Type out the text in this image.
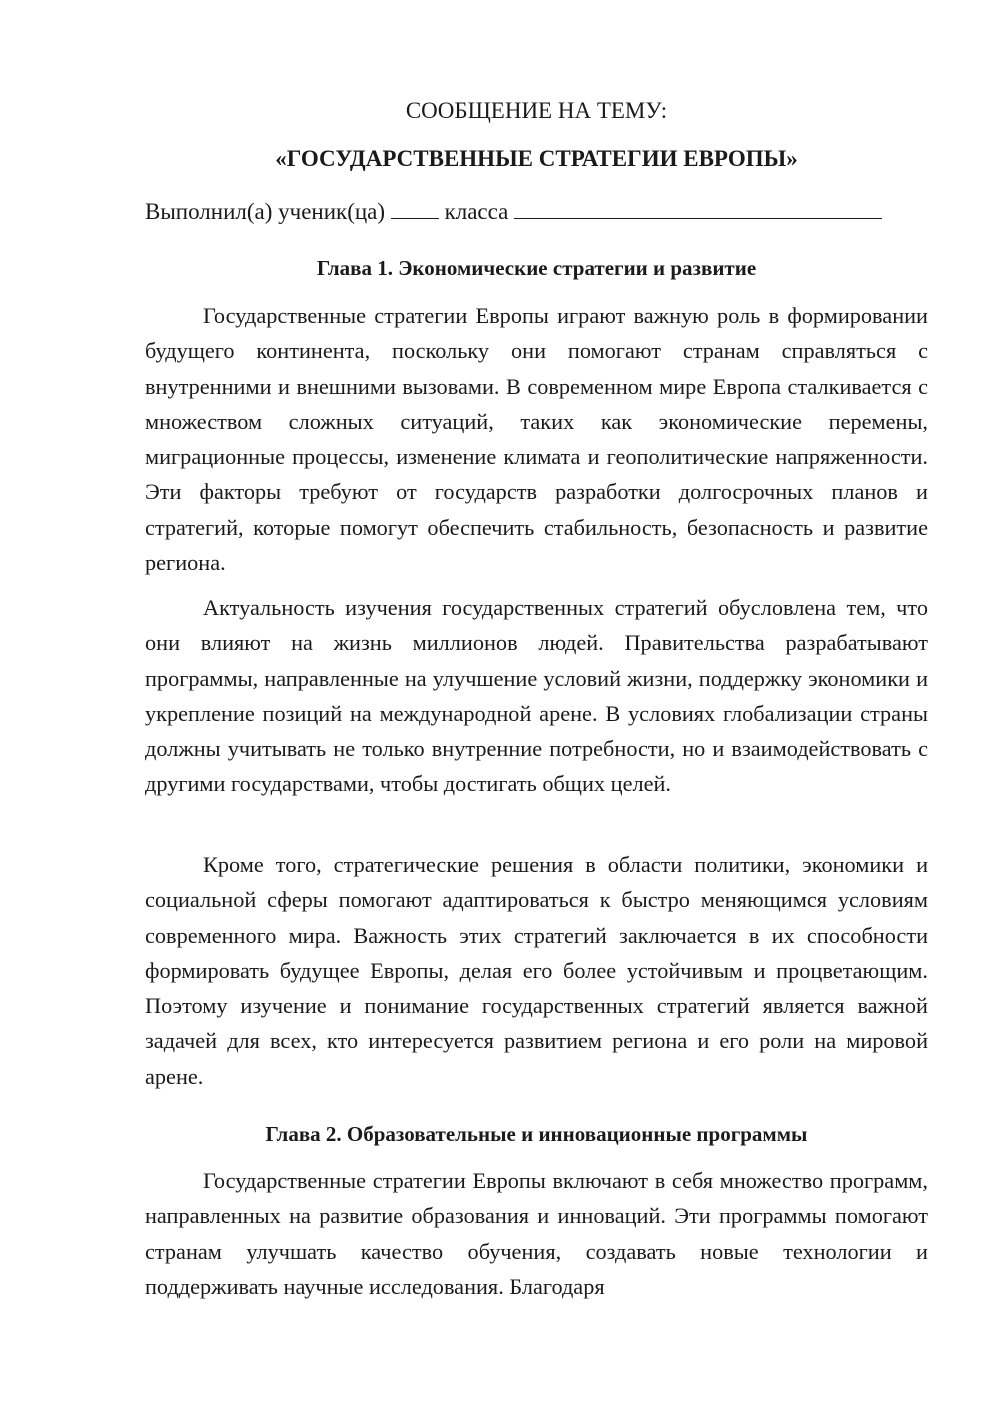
СООБЩЕНИЕ НА ТЕМУ:

«ГОСУДАРСТВЕННЫЕ СТРАТЕГИИ ЕВРОПЫ»

Выполнил(а) ученик(ца)	класса
Глава 1. Экономические стратегии и развитие

Государственные стратегии Европы играют важную роль в формировании будущего континента, поскольку они помогают странам справляться с внутренними и внешними вызовами. В современном мире Европа сталкивается с множеством сложных ситуаций, таких как экономические перемены, миграционные процессы, изменение климата и геополитические напряженности. Эти факторы требуют от государств разработки долгосрочных планов и стратегий, которые помогут обеспечить стабильность, безопасность и развитие региона.

Актуальность изучения государственных стратегий обусловлена тем, что они влияют на жизнь миллионов людей. Правительства разрабатывают программы, направленные на улучшение условий жизни, поддержку экономики и укрепление позиций на международной арене. В условиях глобализации страны должны учитывать не только внутренние потребности, но и взаимодействовать с другими государствами, чтобы достигать общих целей.

Кроме того, стратегические решения в области политики, экономики и социальной сферы помогают адаптироваться к быстро меняющимся условиям современного мира. Важность этих стратегий заключается в их способности формировать будущее Европы, делая его более устойчивым и процветающим. Поэтому изучение и понимание государственных стратегий является важной задачей для всех, кто интересуется развитием региона и его роли на мировой арене.

Глава 2. Образовательные и инновационные программы

Государственные стратегии Европы включают в себя множество программ, направленных на развитие образования и инноваций. Эти программы помогают странам улучшать качество обучения, создавать новые технологии и поддерживать научные исследования. Благодаря
